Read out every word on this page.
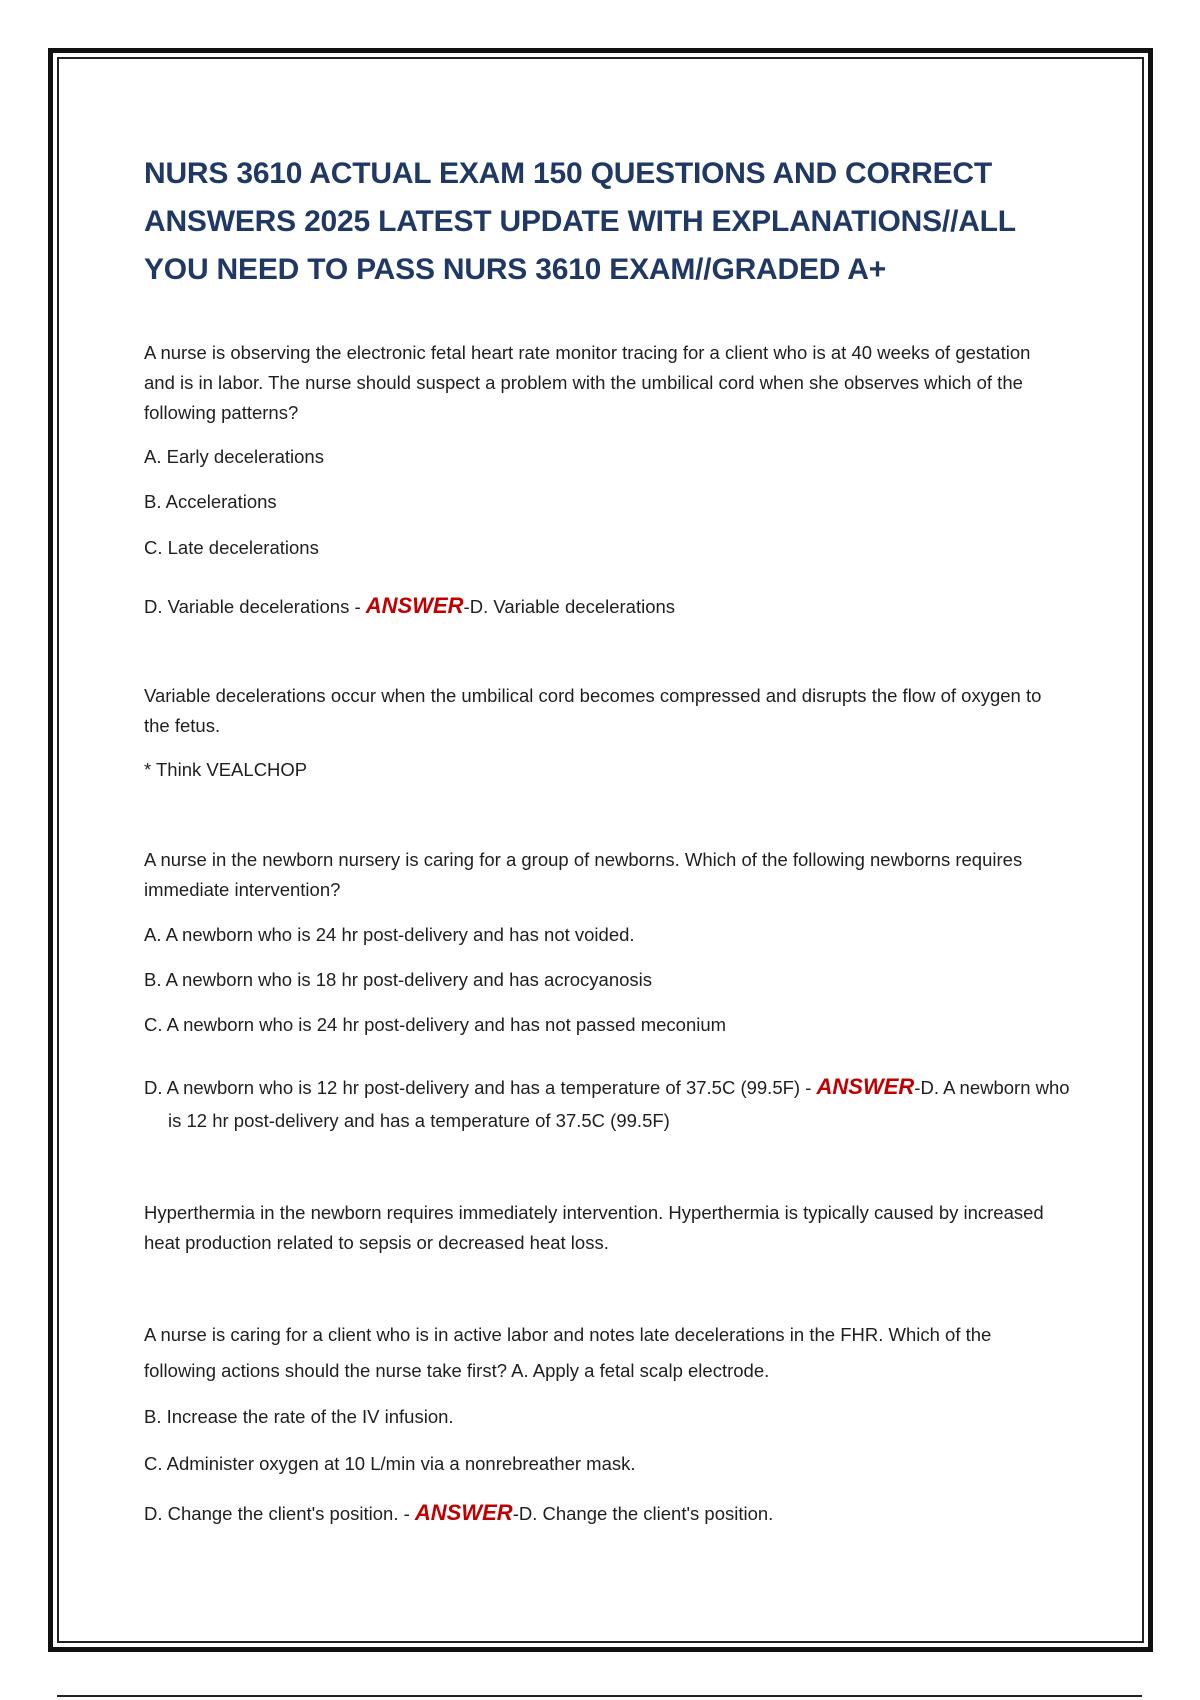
NURS 3610 ACTUAL EXAM 150 QUESTIONS AND CORRECT ANSWERS 2025 LATEST UPDATE WITH EXPLANATIONS//ALL YOU NEED TO PASS NURS 3610 EXAM//GRADED A+

A nurse is observing the electronic fetal heart rate monitor tracing for a client who is at 40 weeks of gestation and is in labor. The nurse should suspect a problem with the umbilical cord when she observes which of the following patterns?

A. Early decelerations

B. Accelerations

C. Late decelerations

D. Variable decelerations - ANSWER-D. Variable decelerations

Variable decelerations occur when the umbilical cord becomes compressed and disrupts the flow of oxygen to the fetus.

* Think VEALCHOP

A nurse in the newborn nursery is caring for a group of newborns. Which of the following newborns requires immediate intervention?

A. A newborn who is 24 hr post-delivery and has not voided.

B. A newborn who is 18 hr post-delivery and has acrocyanosis

C. A newborn who is 24 hr post-delivery and has not passed meconium

D. A newborn who is 12 hr post-delivery and has a temperature of 37.5C (99.5F) - ANSWER-D. A newborn who is 12 hr post-delivery and has a temperature of 37.5C (99.5F)

Hyperthermia in the newborn requires immediately intervention. Hyperthermia is typically caused by increased heat production related to sepsis or decreased heat loss.

A nurse is caring for a client who is in active labor and notes late decelerations in the FHR. Which of the following actions should the nurse take first? A. Apply a fetal scalp electrode.

B. Increase the rate of the IV infusion.

C. Administer oxygen at 10 L/min via a nonrebreather mask.

D. Change the client's position. - ANSWER-D. Change the client's position.
